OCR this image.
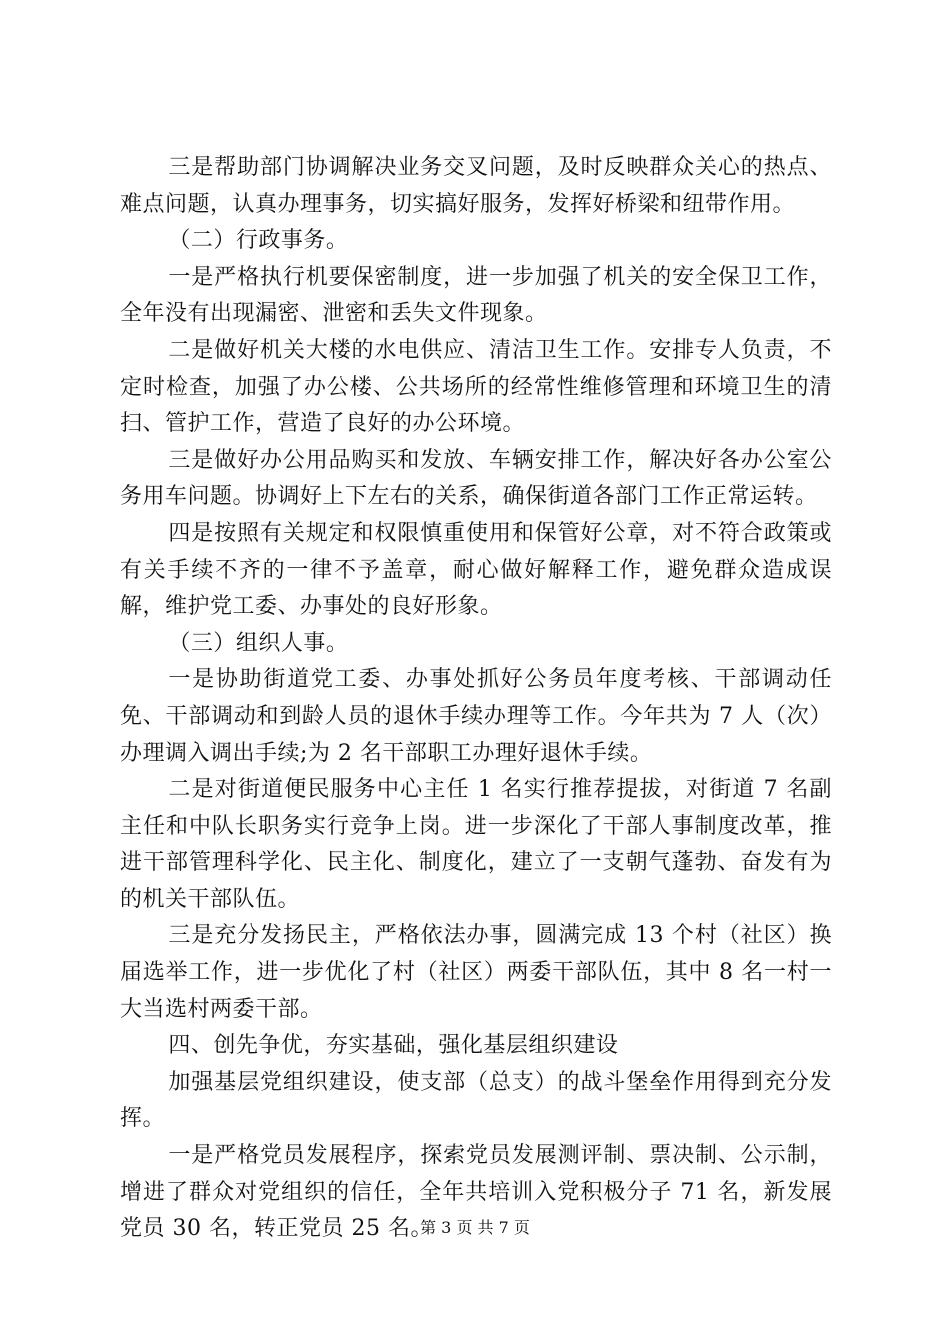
三是帮助部门协调解决业务交叉问题，及时反映群众关心的热点、难点问题，认真办理事务，切实搞好服务，发挥好桥梁和纽带作用。

（二）行政事务。

一是严格执行机要保密制度，进一步加强了机关的安全保卫工作，全年没有出现漏密、泄密和丢失文件现象。

二是做好机关大楼的水电供应、清洁卫生工作。安排专人负责，不定时检查，加强了办公楼、公共场所的经常性维修管理和环境卫生的清扫、管护工作，营造了良好的办公环境。

三是做好办公用品购买和发放、车辆安排工作，解决好各办公室公务用车问题。协调好上下左右的关系，确保街道各部门工作正常运转。

四是按照有关规定和权限慎重使用和保管好公章，对不符合政策或有关手续不齐的一律不予盖章，耐心做好解释工作，避免群众造成误解，维护党工委、办事处的良好形象。

（三）组织人事。

一是协助街道党工委、办事处抓好公务员年度考核、干部调动任免、干部调动和到龄人员的退休手续办理等工作。今年共为 7 人（次）办理调入调出手续;为 2 名干部职工办理好退休手续。

二是对街道便民服务中心主任 1 名实行推荐提拔，对街道 7 名副主任和中队长职务实行竞争上岗。进一步深化了干部人事制度改革，推进干部管理科学化、民主化、制度化，建立了一支朝气蓬勃、奋发有为的机关干部队伍。

三是充分发扬民主，严格依法办事，圆满完成 13 个村（社区）换届选举工作，进一步优化了村（社区）两委干部队伍，其中 8 名一村一大当选村两委干部。

四、创先争优，夯实基础，强化基层组织建设

加强基层党组织建设，使支部（总支）的战斗堡垒作用得到充分发挥。

一是严格党员发展程序，探索党员发展测评制、票决制、公示制，增进了群众对党组织的信任，全年共培训入党积极分子 71 名，新发展党员 30 名，转正党员 25 名。

第 3 页 共 7 页
